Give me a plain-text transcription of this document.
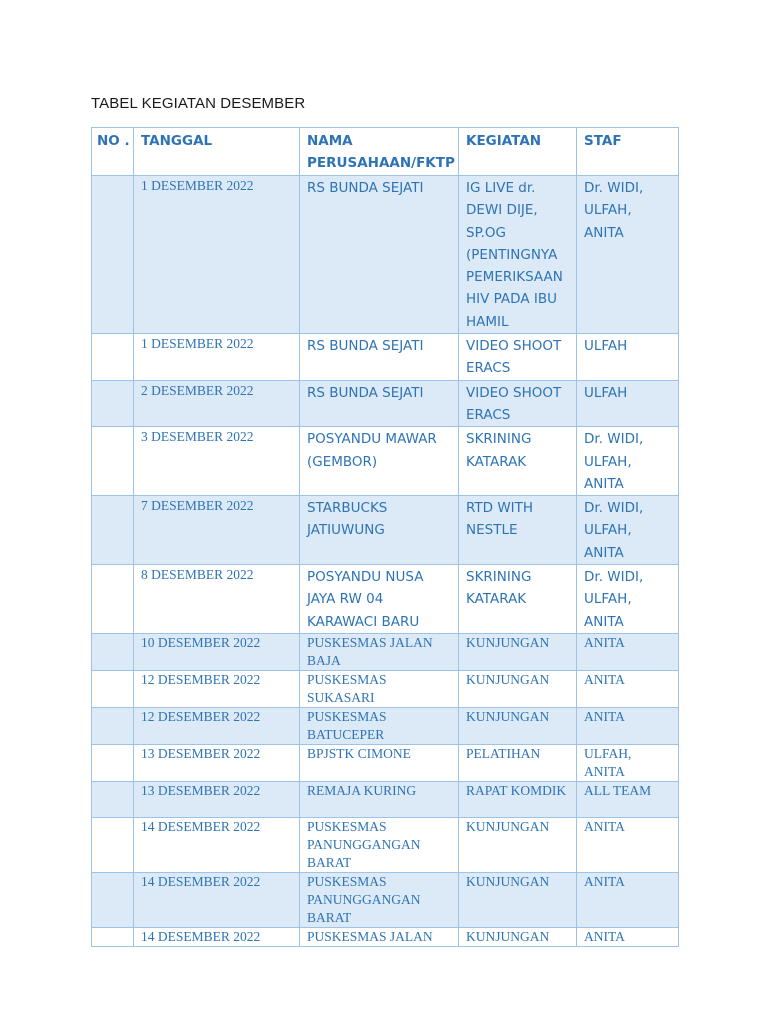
TABEL KEGIATAN DESEMBER
NO .	TANGGAL	NAMA PERUSAHAAN/FKTP	KEGIATAN	STAF
	1 DESEMBER 2022	RS BUNDA SEJATI	IG LIVE dr. DEWI DIJE, SP.OG (PENTINGNYA PEMERIKSAAN HIV PADA IBU HAMIL	Dr. WIDI, ULFAH, ANITA
	1 DESEMBER 2022	RS BUNDA SEJATI	VIDEO SHOOT ERACS	ULFAH
	2 DESEMBER 2022	RS BUNDA SEJATI	VIDEO SHOOT ERACS	ULFAH
	3 DESEMBER 2022	POSYANDU MAWAR (GEMBOR)	SKRINING KATARAK	Dr. WIDI, ULFAH, ANITA
	7 DESEMBER 2022	STARBUCKS JATIUWUNG	RTD WITH NESTLE	Dr. WIDI, ULFAH, ANITA
	8 DESEMBER 2022	POSYANDU NUSA JAYA RW 04 KARAWACI BARU	SKRINING KATARAK	Dr. WIDI, ULFAH, ANITA
	10 DESEMBER 2022	PUSKESMAS JALAN BAJA	KUNJUNGAN	ANITA
	12 DESEMBER 2022	PUSKESMAS SUKASARI	KUNJUNGAN	ANITA
	12 DESEMBER 2022	PUSKESMAS BATUCEPER	KUNJUNGAN	ANITA
	13 DESEMBER 2022	BPJSTK CIMONE	PELATIHAN	ULFAH, ANITA
	13 DESEMBER 2022	REMAJA KURING	RAPAT KOMDIK	ALL TEAM
	14 DESEMBER 2022	PUSKESMAS PANUNGGANGAN BARAT	KUNJUNGAN	ANITA
	14 DESEMBER 2022	PUSKESMAS PANUNGGANGAN BARAT	KUNJUNGAN	ANITA
	14 DESEMBER 2022	PUSKESMAS JALAN	KUNJUNGAN	ANITA
